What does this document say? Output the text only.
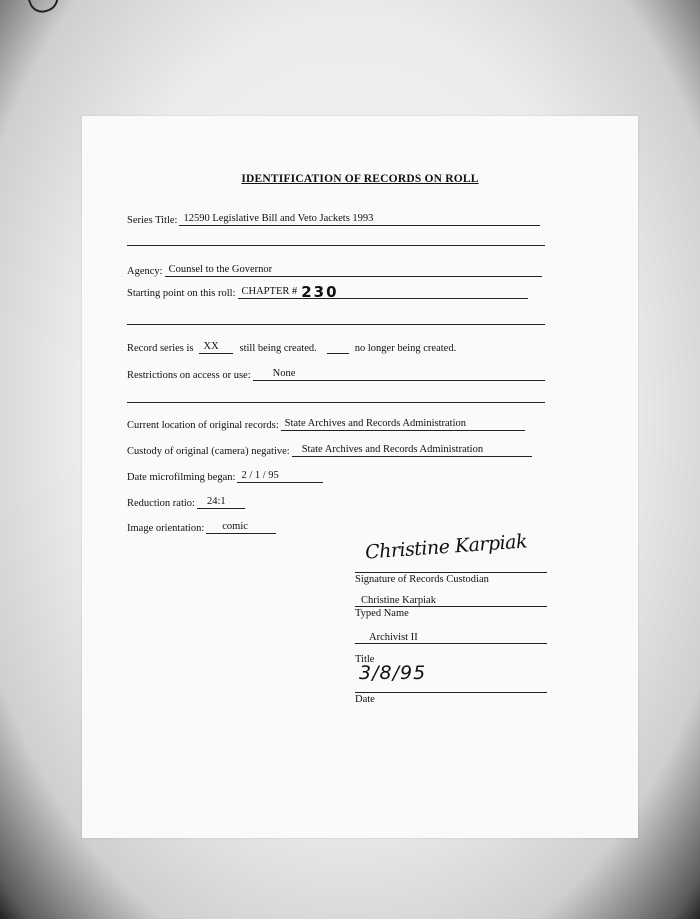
IDENTIFICATION OF RECORDS ON ROLL
Series Title: 12590 Legislative Bill and Veto Jackets 1993
Agency: Counsel to the Governor
Starting point on this roll: CHAPTER # 230
Record series is XX	still being created.	no longer being created.
Restrictions on access or use:	None
Current location of original records: State Archives and Records Administration
Custody of original (camera) negative:	State Archives and Records Administration
Date microfilming began: 2 / 1 / 95
Reduction ratio:	24:1
Image orientation:	comic
Christine Karpiak
Signature of Records Custodian
Christine Karpiak
Typed Name
Archivist II
Title
3/8/95
Date
